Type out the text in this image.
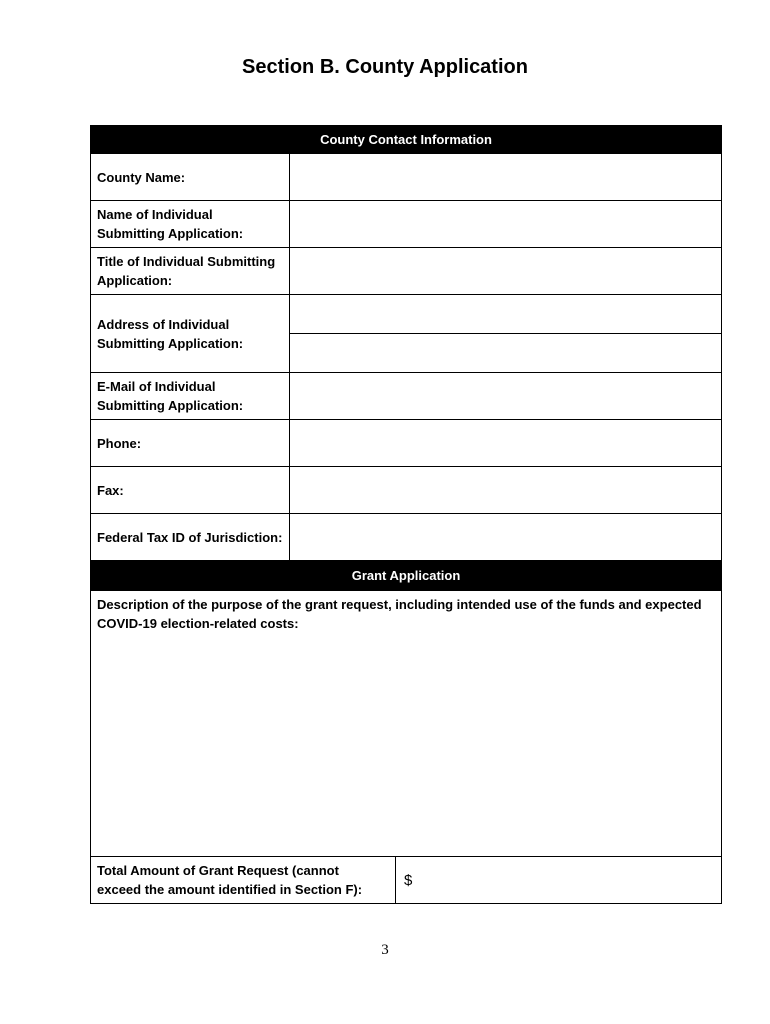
Section B. County Application
County Contact Information		
County Name:	

Name of Individual
Submitting Application:

Title of Individual Submitting
Application:

Address of Individual
Submitting Application:

E-Mail of Individual
Submitting Application:

Phone:	
Fax:	
Federal Tax ID of Jurisdiction:	
Grant Application		
Description of the purpose of the grant request, including intended use of the funds and expected COVID-19 election-related costs:		

Total Amount of Grant Request (cannot
exceed the amount identified in Section F):		$
3
